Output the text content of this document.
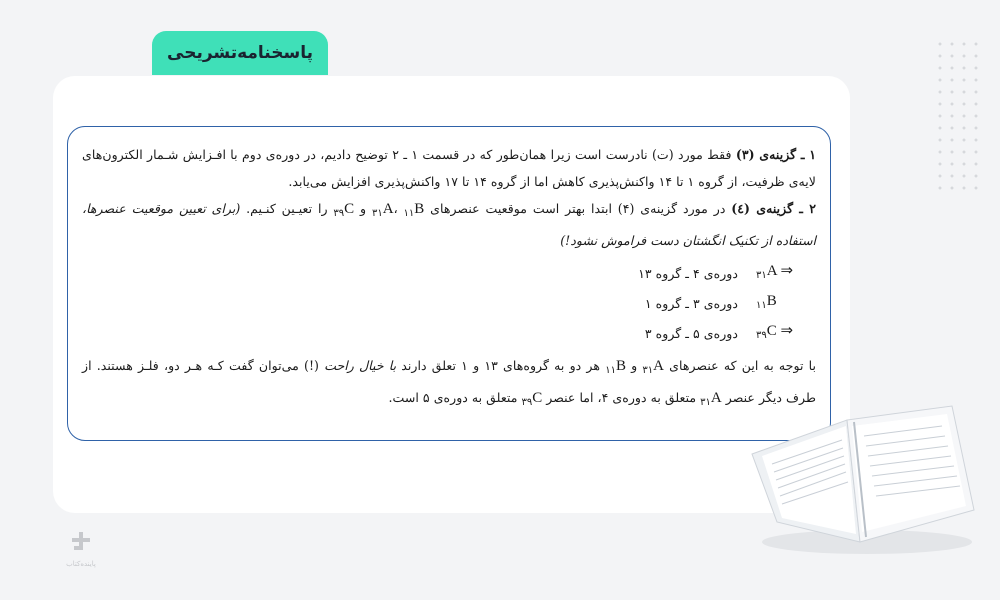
پاسخنامه‌تشریحی

۱ ـ گزینه‌ی (۳) فقط مورد (ت) نادرست است زیرا همان‌طور که در قسمت ۱ ـ ۲ توضیح دادیم، در دوره‌ی دوم با افـزایش شـمار الکترون‌های لایه‌ی ظرفیت، از گروه ۱ تا ۱۴ واکنش‌پذیری کاهش اما از گروه ۱۴ تا ۱۷ واکنش‌پذیری افزایش می‌یابد.

۲ ـ گزینه‌ی (٤) در مورد گزینه‌ی (۴) ابتدا بهتر است موقعیت عنصرهای $_{۳۱}$A، $_{۱۱}$B و $_{۳۹}$C را تعیـین کنـیم. (برای تعیین موقعیت عنصرها، استفاده از تکنیک انگشتان دست فراموش نشود!)

$_{۳۱}$A ⇒
دوره‌ی ۴ ـ گروه ۱۳
$_{۱۱}$B
دوره‌ی ۳ ـ گروه ۱
$_{۳۹}$C ⇒
دوره‌ی ۵ ـ گروه ۳

با توجه به این که عنصرهای $_{۳۱}$A و $_{۱۱}$B هر دو به گروه‌های ۱۳ و ۱ تعلق دارند با خیال راحت (!) می‌توان گفت کـه هـر دو، فلـز هستند. از طرف دیگر عنصر $_{۳۱}$A متعلق به دوره‌ی ۴، اما عنصر $_{۳۹}$C متعلق به دوره‌ی ۵ است.

پاینده‌کتاب
